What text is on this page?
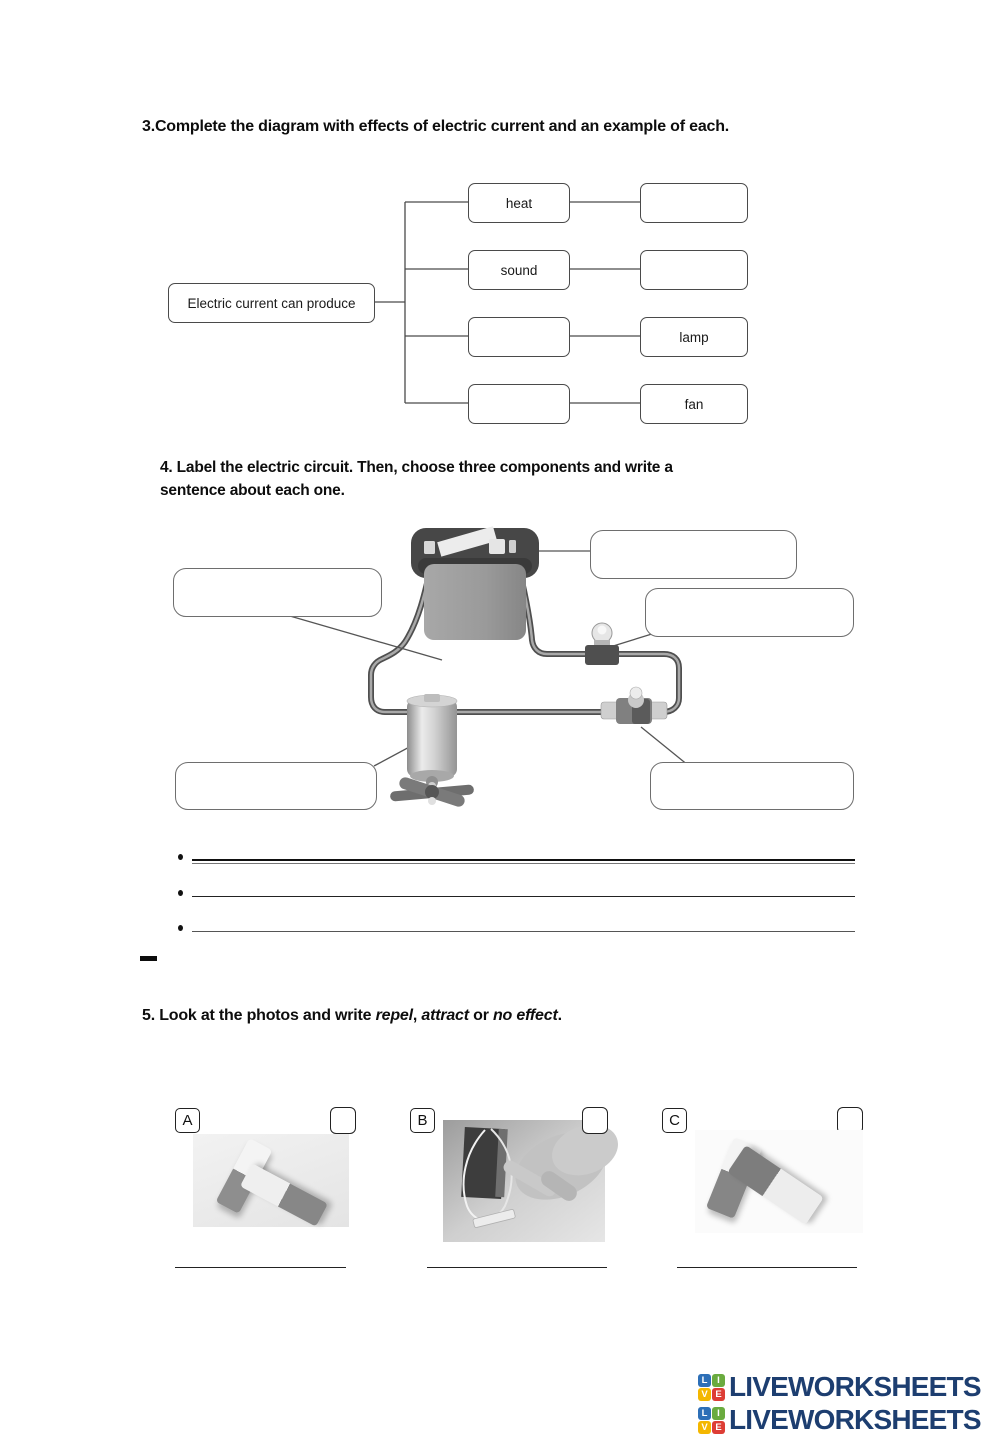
3.Complete the diagram with effects of electric current and an example of each.
Electric current can produce
heat
sound
lamp
fan
4. Label the electric circuit. Then, choose three components and write a
sentence about each one.
5. Look at the photos and write repel, attract or no effect.
A	B	C
L	I
V E LIVEWORKSHEETS
L	I
V E LIVEWORKSHEETS
